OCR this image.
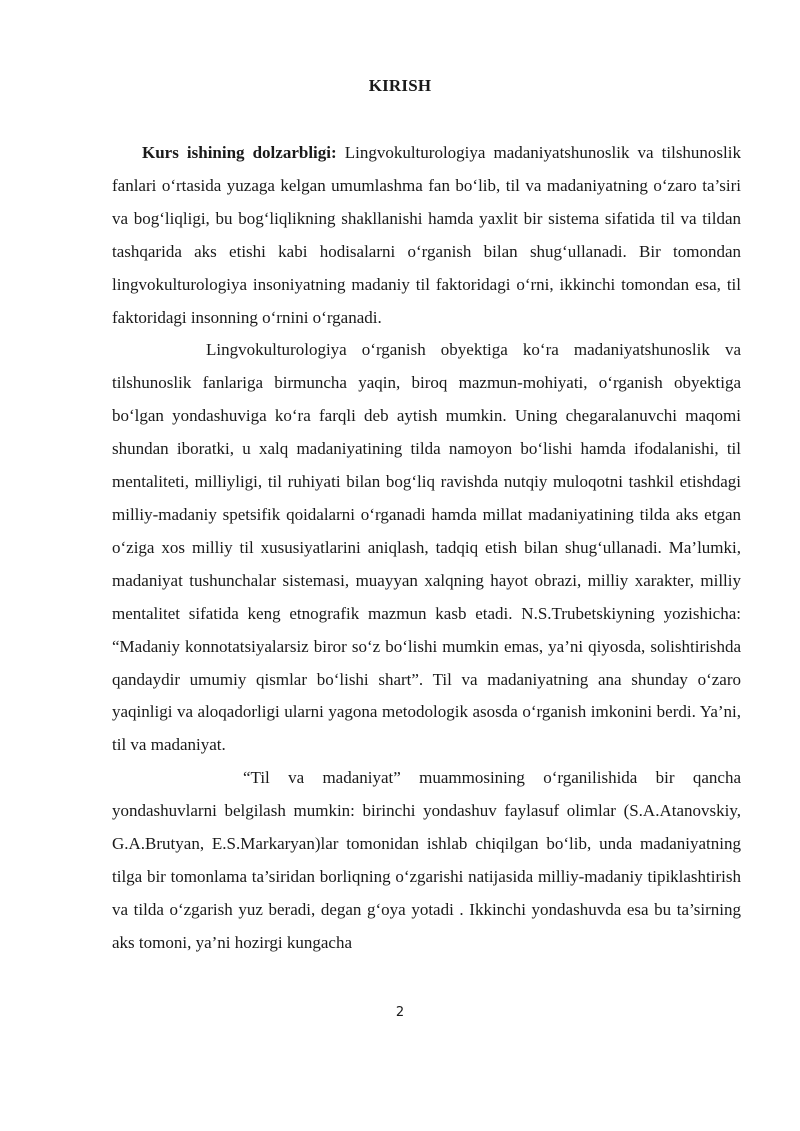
KIRISH

Kurs ishining dolzarbligi: Lingvokulturologiya madaniyatshunoslik va tilshunoslik fanlari o‘rtasida yuzaga kelgan umumlashma fan bo‘lib, til va madaniyatning o‘zaro ta’siri va bog‘liqligi, bu bog‘liqlikning shakllanishi hamda yaxlit bir sistema sifatida til va tildan tashqarida aks etishi kabi hodisalarni o‘rganish bilan shug‘ullanadi. Bir tomondan lingvokulturologiya insoniyatning madaniy til faktoridagi o‘rni, ikkinchi tomondan esa, til faktoridagi insonning o‘rnini o‘rganadi.

Lingvokulturologiya o‘rganish obyektiga ko‘ra madaniyatshunoslik va tilshunoslik fanlariga birmuncha yaqin, biroq mazmun-mohiyati, o‘rganish obyektiga bo‘lgan yondashuviga ko‘ra farqli deb aytish mumkin. Uning chegaralanuvchi maqomi shundan iboratki, u xalq madaniyatining tilda namoyon bo‘lishi hamda ifodalanishi, til mentaliteti, milliyligi, til ruhiyati bilan bog‘liq ravishda nutqiy muloqotni tashkil etishdagi milliy-madaniy spetsifik qoidalarni o‘rganadi hamda millat madaniyatining tilda aks etgan o‘ziga xos milliy til xususiyatlarini aniqlash, tadqiq etish bilan shug‘ullanadi. Ma’lumki, madaniyat tushunchalar sistemasi, muayyan xalqning hayot obrazi, milliy xarakter, milliy mentalitet sifatida keng etnografik mazmun kasb etadi. N.S.Trubetskiyning yozishicha: “Madaniy konnotatsiyalarsiz biror so‘z bo‘lishi mumkin emas, ya’ni qiyosda, solishtirishda qandaydir umumiy qismlar bo‘lishi shart”. Til va madaniyatning ana shunday o‘zaro yaqinligi va aloqadorligi ularni yagona metodologik asosda o‘rganish imkonini berdi. Ya’ni, til va madaniyat.

“Til va madaniyat” muammosining o‘rganilishida bir qancha yondashuvlarni belgilash mumkin: birinchi yondashuv faylasuf olimlar (S.A.Atanovskiy, G.A.Brutyan, E.S.Markaryan)lar tomonidan ishlab chiqilgan bo‘lib, unda madaniyatning tilga bir tomonlama ta’siridan borliqning o‘zgarishi natijasida milliy-madaniy tipiklashtirish va tilda o‘zgarish yuz beradi, degan g‘oya yotadi . Ikkinchi yondashuvda esa bu ta’sirning aks tomoni, ya’ni hozirgi kungacha

2
